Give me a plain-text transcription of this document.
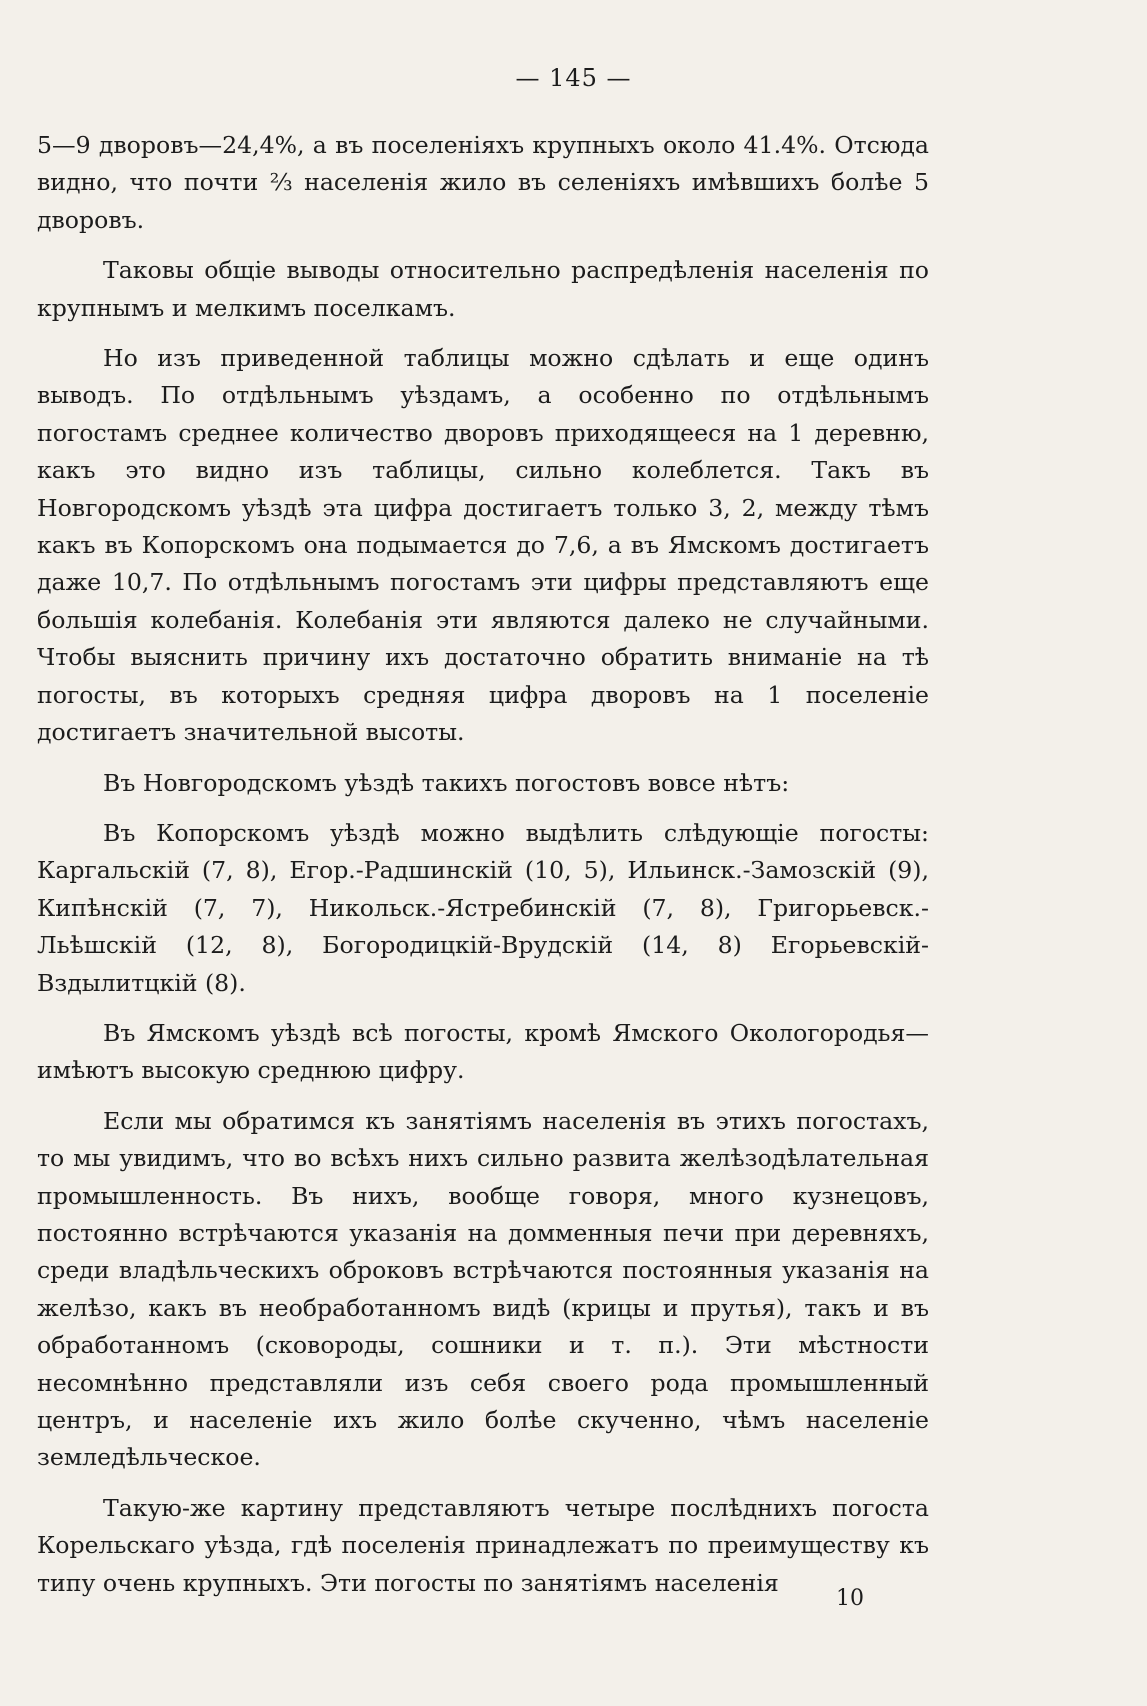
— 145 —

5—9 дворовъ—24,4%, а въ поселеніяхъ крупныхъ около 41.4%. Отсюда видно, что почти ⅔ населенія жило въ селеніяхъ имѣвшихъ болѣе 5 дворовъ.

Таковы общіе выводы относительно распредѣленія населенія по крупнымъ и мелкимъ поселкамъ.

Но изъ приведенной таблицы можно сдѣлать и еще одинъ выводъ. По отдѣльнымъ уѣздамъ, а особенно по отдѣльнымъ погостамъ среднее количество дворовъ приходящееся на 1 деревню, какъ это видно изъ таблицы, сильно колеблется. Такъ въ Новгородскомъ уѣздѣ эта цифра достигаетъ только 3, 2, между тѣмъ какъ въ Копорскомъ она подымается до 7,6, а въ Ямскомъ достигаетъ даже 10,7. По отдѣльнымъ погостамъ эти цифры представляютъ еще большія колебанія. Колебанія эти являются далеко не случайными. Чтобы выяснить причину ихъ достаточно обратить вниманіе на тѣ погосты, въ которыхъ средняя цифра дворовъ на 1 поселеніе достигаетъ значительной высоты.

Въ Новгородскомъ уѣздѣ такихъ погостовъ вовсе нѣтъ:

Въ Копорскомъ уѣздѣ можно выдѣлить слѣдующіе погосты: Каргальскій (7, 8), Егор.-Радшинскій (10, 5), Ильинск.-Замозскій (9), Кипѣнскій (7, 7), Никольск.-Ястребинскій (7, 8), Григорьевск.-Льѣшскій (12, 8), Богородицкій-Врудскій (14, 8) Егорьевскій-Вздылитцкій (8).

Въ Ямскомъ уѣздѣ всѣ погосты, кромѣ Ямского Окологородья— имѣютъ высокую среднюю цифру.

Если мы обратимся къ занятіямъ населенія въ этихъ погостахъ, то мы увидимъ, что во всѣхъ нихъ сильно развита желѣзодѣлательная промышленность. Въ нихъ, вообще говоря, много кузнецовъ, постоянно встрѣчаются указанія на домменныя печи при деревняхъ, среди владѣльческихъ оброковъ встрѣчаются постоянныя указанія на желѣзо, какъ въ необработанномъ видѣ (крицы и прутья), такъ и въ обработанномъ (сковороды, сошники и т. п.). Эти мѣстности несомнѣнно представляли изъ себя своего рода промышленный центръ, и населеніе ихъ жило болѣе скученно, чѣмъ населеніе земледѣльческое.

Такую-же картину представляютъ четыре послѣднихъ погоста Корельскаго уѣзда, гдѣ поселенія принадлежатъ по преимуществу къ типу очень крупныхъ. Эти погосты по занятіямъ населенія

10
